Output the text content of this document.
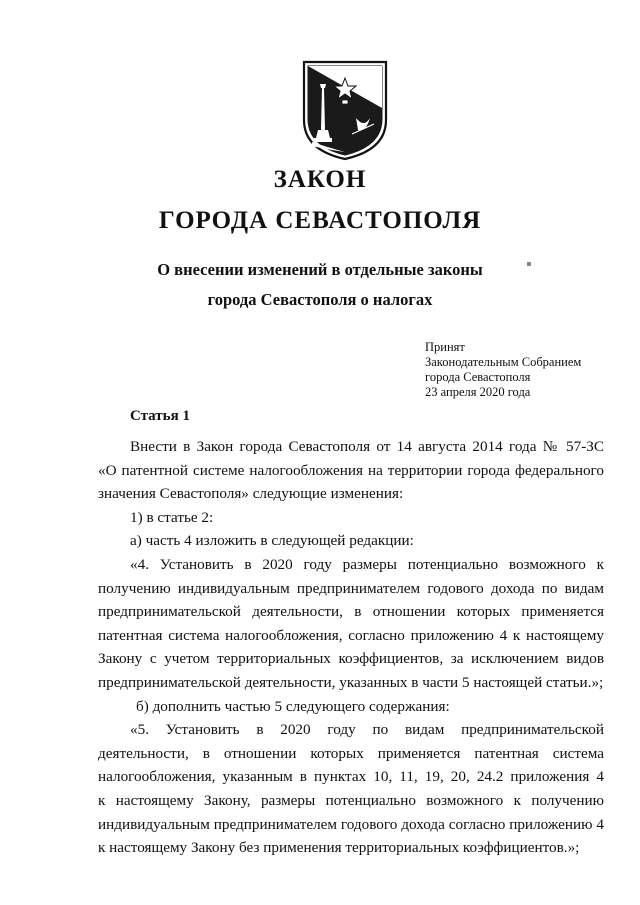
ЗАКОН
ГОРОДА СЕВАСТОПОЛЯ
О внесении изменений в отдельные законы
города Севастополя о налогах
Принят
Законодательным Собранием
города Севастополя
23 апреля 2020 года
Статья 1
Внести в Закон города Севастополя от 14 августа 2014 года № 57-ЗС
«О патентной системе налогообложения на территории города федерального
значения Севастополя» следующие изменения:
1) в статье 2:
а) часть 4 изложить в следующей редакции:
«4. Установить в 2020 году размеры потенциально возможного к
получению индивидуальным предпринимателем годового дохода по видам
предпринимательской деятельности, в отношении которых применяется
патентная система налогообложения, согласно приложению 4 к настоящему
Закону с учетом территориальных коэффициентов, за исключением видов
предпринимательской деятельности, указанных в части 5 настоящей статьи.»;
б) дополнить частью 5 следующего содержания:
«5. Установить в 2020 году по видам предпринимательской
деятельности, в отношении которых применяется патентная система
налогообложения, указанным в пунктах 10, 11, 19, 20, 24.2 приложения 4
к настоящему Закону, размеры потенциально возможного к получению
индивидуальным предпринимателем годового дохода согласно приложению 4
к настоящему Закону без применения территориальных коэффициентов.»;
